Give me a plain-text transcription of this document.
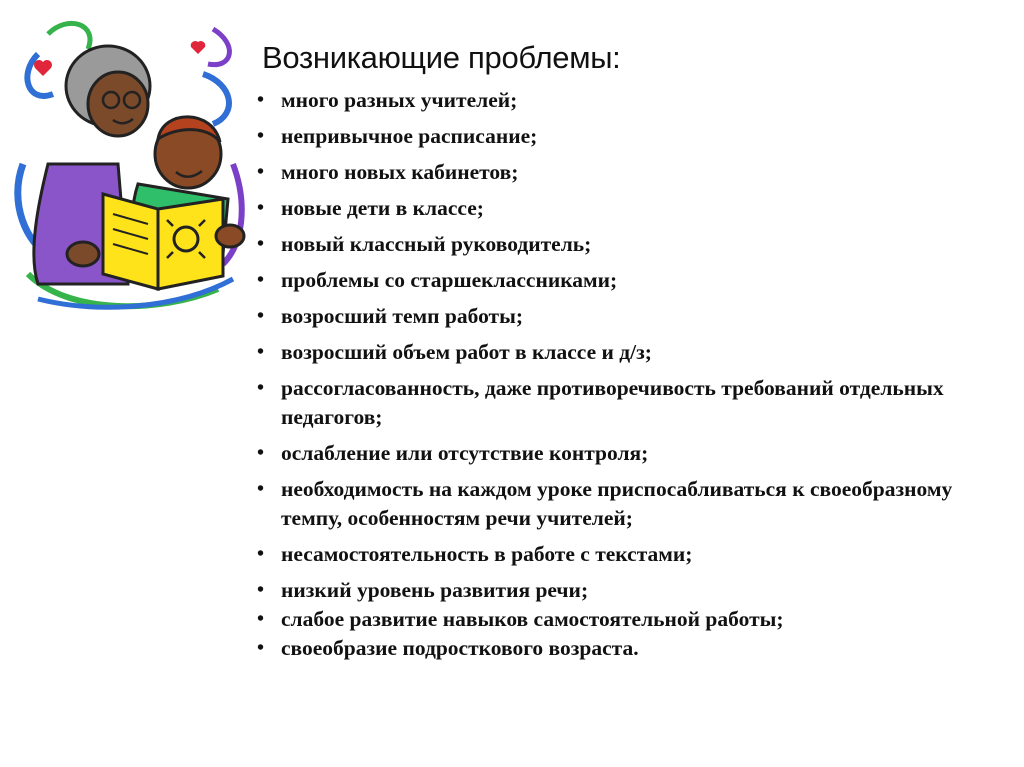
Возникающие проблемы:
• много разных учителей;
• непривычное расписание;
• много новых кабинетов;
• новые дети в классе;
• новый классный руководитель;
• проблемы со старшеклассниками;
• возросший темп работы;
• возросший объем работ в классе и д/з;
• рассогласованность, даже противоречивость требований отдельных педагогов;
• ослабление или отсутствие контроля;
• необходимость на каждом уроке приспосабливаться к своеобразному темпу, особенностям речи учителей;
• несамостоятельность в работе с текстами;
• низкий уровень развития речи;
• слабое развитие навыков самостоятельной работы;
• своеобразие подросткового возраста.
